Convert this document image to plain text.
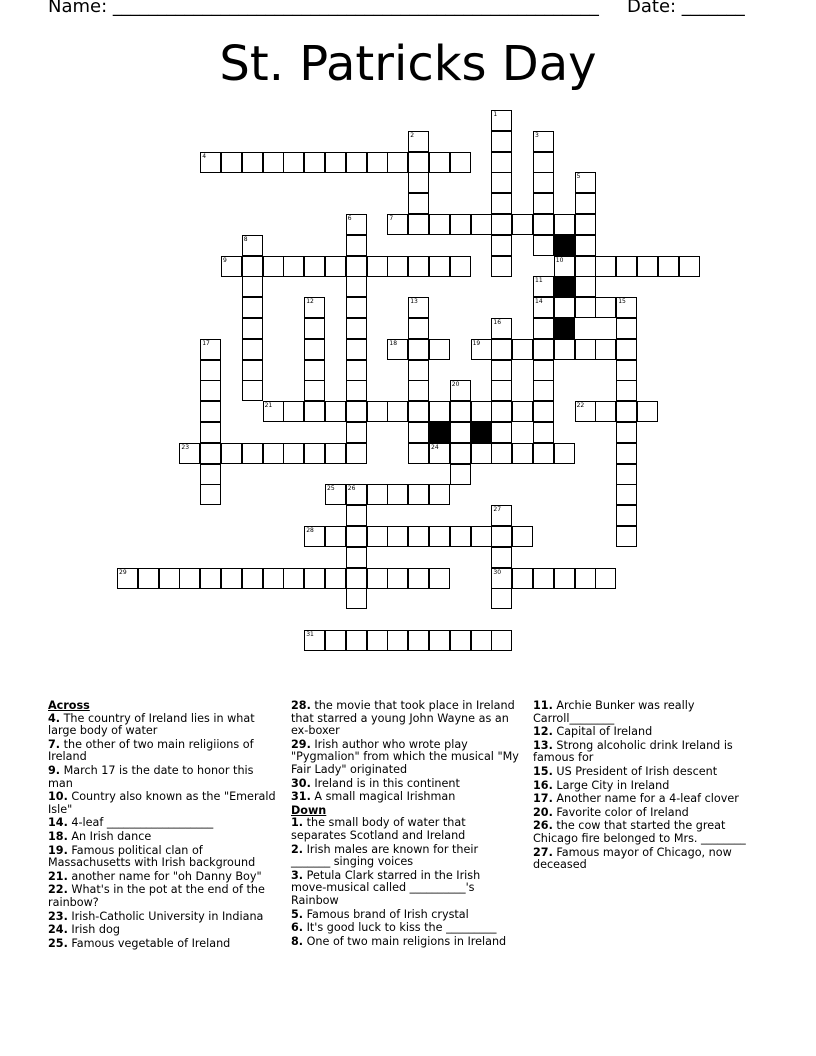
Name: ______________________________________________________ Date: _______
St. Patricks Day
1
2	3
5
6
8
12	13	15
16
17
20
26
27
30
11
14
10
4
7
9
18	19
21	22
23	24
25
28
29
31
Across
4. The country of Ireland lies in what large body of water
7. the other of two main religiions of Ireland
9. March 17 is the date to honor this man
10. Country also known as the "Emerald Isle"
14. 4-leaf ___________________
18. An Irish dance
19. Famous political clan of Massachusetts with Irish background
21. another name for "oh Danny Boy"
22. What's in the pot at the end of the rainbow?
23. Irish-Catholic University in Indiana
24. Irish dog
25. Famous vegetable of Ireland
28. the movie that took place in Ireland that starred a young John Wayne as an ex-boxer
29. Irish author who wrote play "Pygmalion" from which the musical "My Fair Lady" originated
30. Ireland is in this continent
31. A small magical Irishman
Down
1. the small body of water that separates Scotland and Ireland
2. Irish males are known for their _______ singing voices
3. Petula Clark starred in the Irish move-musical called __________'s Rainbow
5. Famous brand of Irish crystal
6. It's good luck to kiss the _________
8. One of two main religions in Ireland
11. Archie Bunker was really Carroll________
12. Capital of Ireland
13. Strong alcoholic drink Ireland is famous for
15. US President of Irish descent
16. Large City in Ireland
17. Another name for a 4-leaf clover
20. Favorite color of Ireland
26. the cow that started the great Chicago fire belonged to Mrs. ________
27. Famous mayor of Chicago, now deceased
